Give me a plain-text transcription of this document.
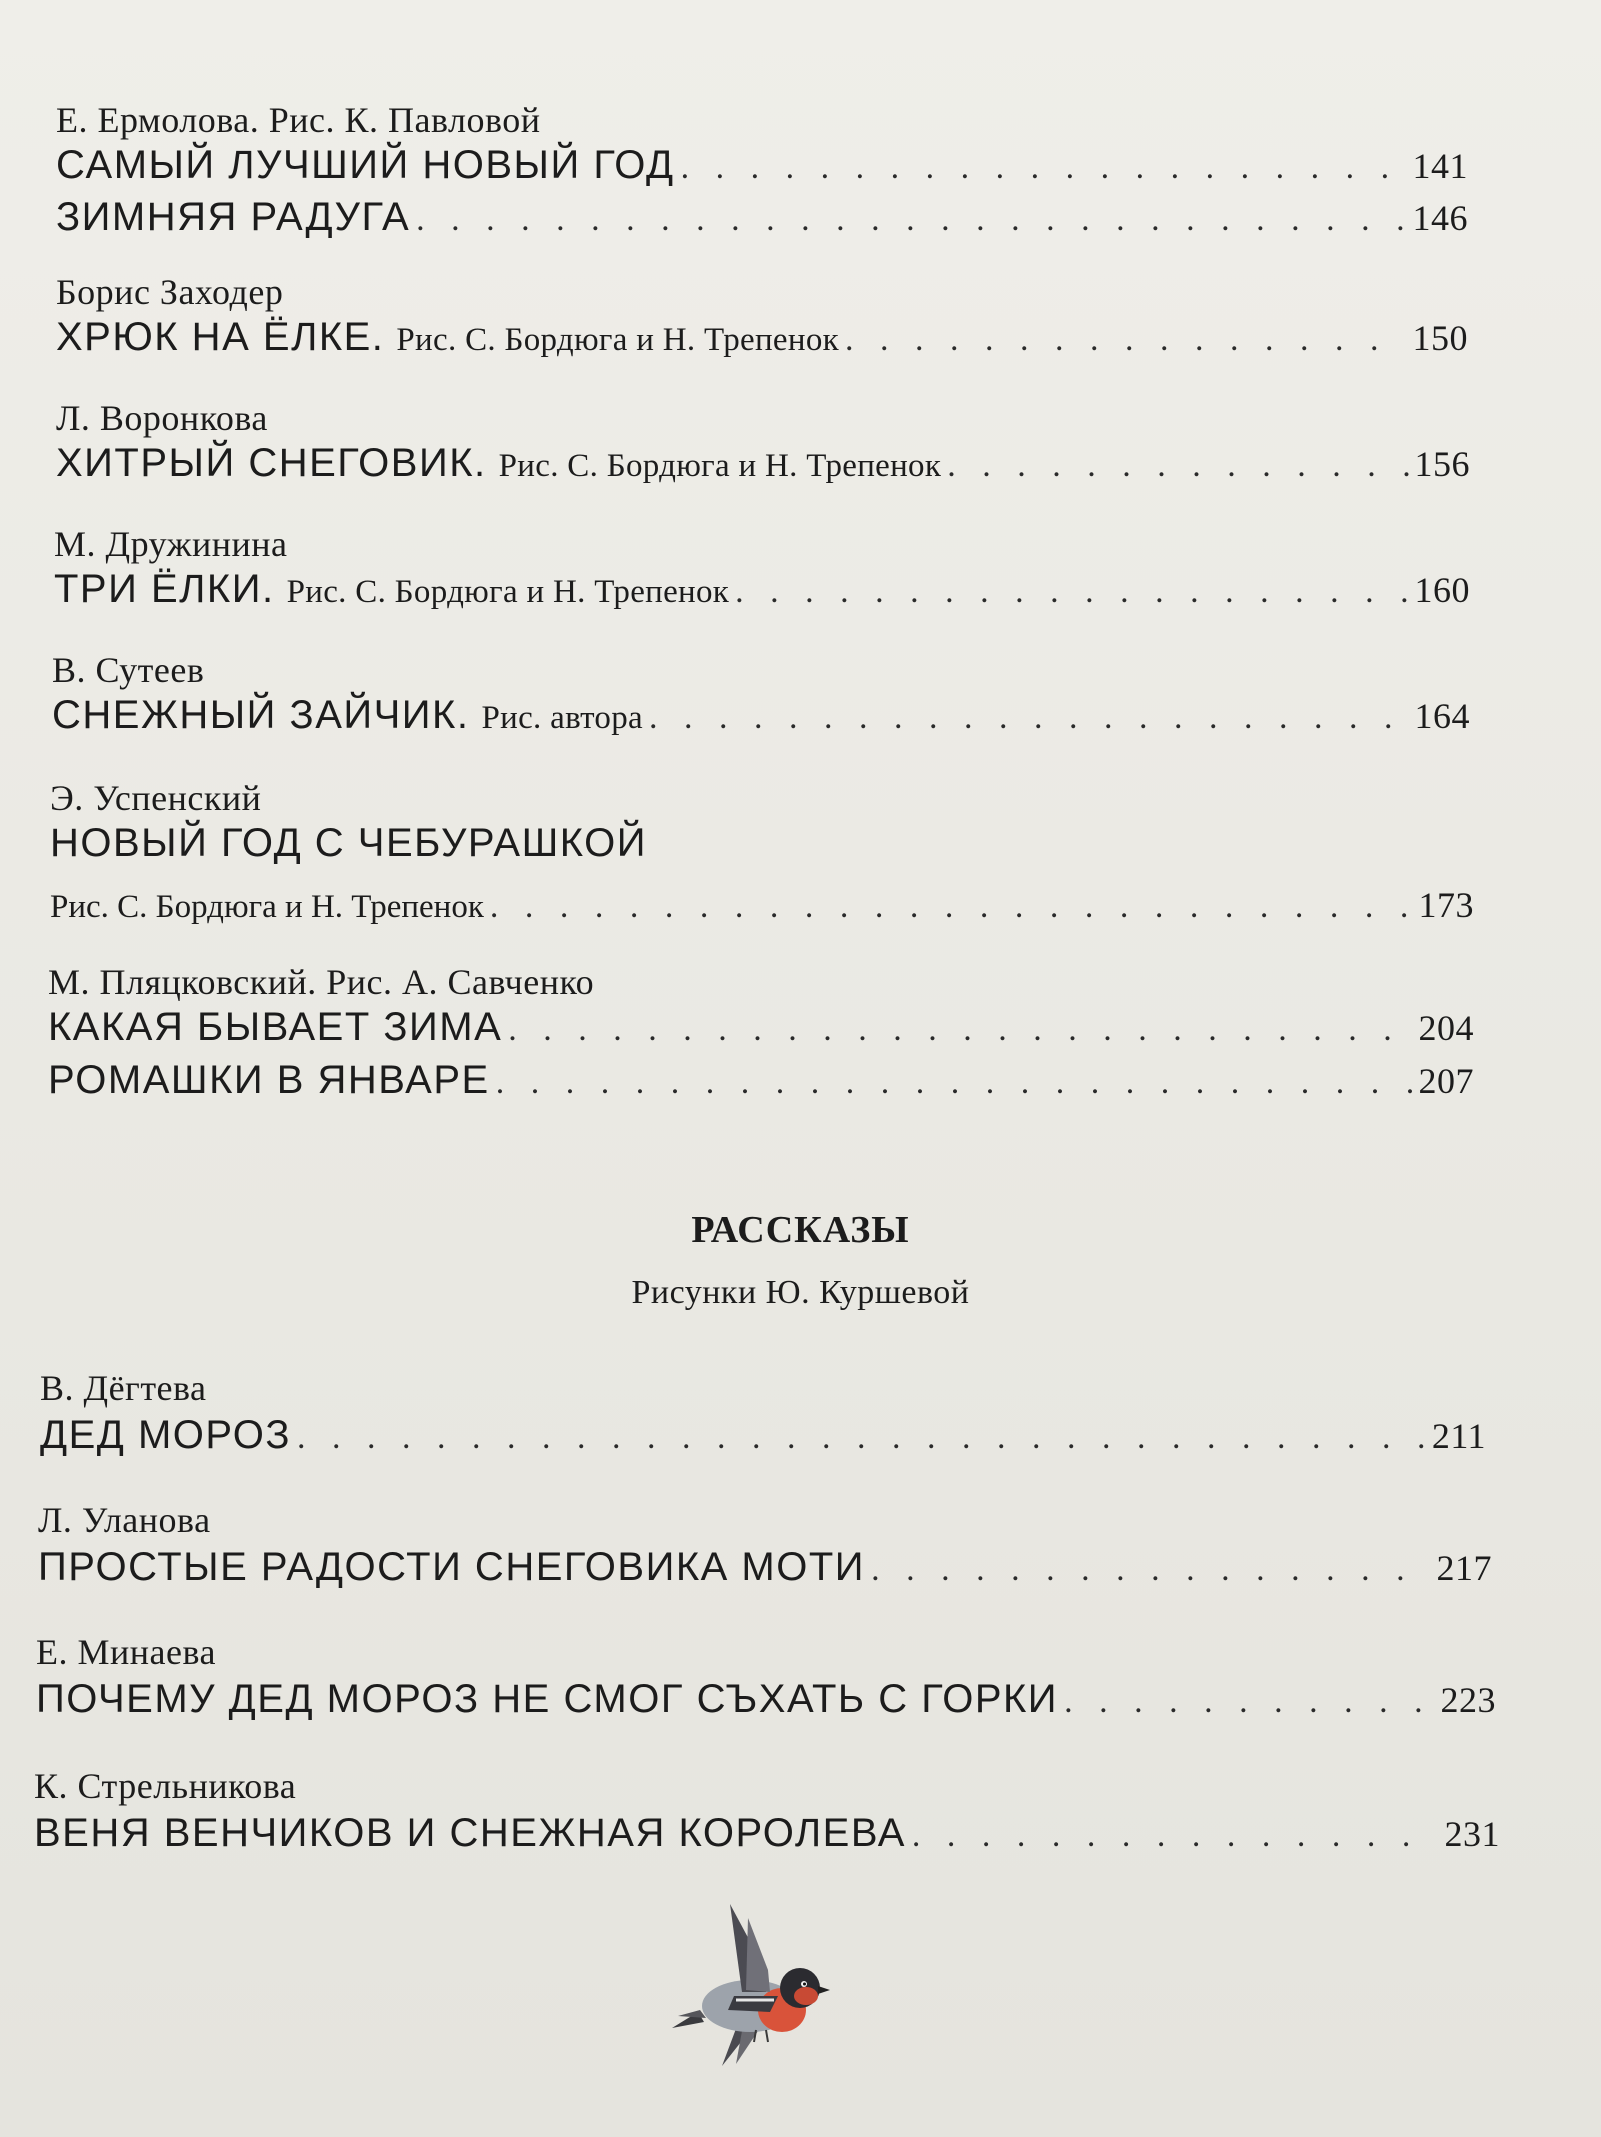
Е. Ермолова. Рис. К. Павловой
САМЫЙ ЛУЧШИЙ НОВЫЙ ГОД . . .	141
ЗИМНЯЯ РАДУГА . . .	146
Борис Заходер
ХРЮК НА ЁЛКЕ. Рис. С. Бордюга и Н. Трепенок . . .	150
Л. Воронкова
ХИТРЫЙ СНЕГОВИК. Рис. С. Бордюга и Н. Трепенок . . .	156
М. Дружинина
ТРИ ЁЛКИ. Рис. С. Бордюга и Н. Трепенок . . .	160
В. Сутеев
СНЕЖНЫЙ ЗАЙЧИК. Рис. автора . . .	164
Э. Успенский
НОВЫЙ ГОД С ЧЕБУРАШКОЙ
Рис. С. Бордюга и Н. Трепенок . . .	173
М. Пляцковский. Рис. А. Савченко
КАКАЯ БЫВАЕТ ЗИМА . . .	204
РОМАШКИ В ЯНВАРЕ . . .	207
РАССКАЗЫ
Рисунки Ю. Куршевой
В. Дёгтева
ДЕД МОРОЗ . . .	211
Л. Уланова
ПРОСТЫЕ РАДОСТИ СНЕГОВИКА МОТИ . . .	217
Е. Минаева
ПОЧЕМУ ДЕД МОРОЗ НЕ СМОГ СЪХАТЬ С ГОРКИ . . .	223
К. Стрельникова
ВЕНЯ ВЕНЧИКОВ И СНЕЖНАЯ КОРОЛЕВА . . .	231
